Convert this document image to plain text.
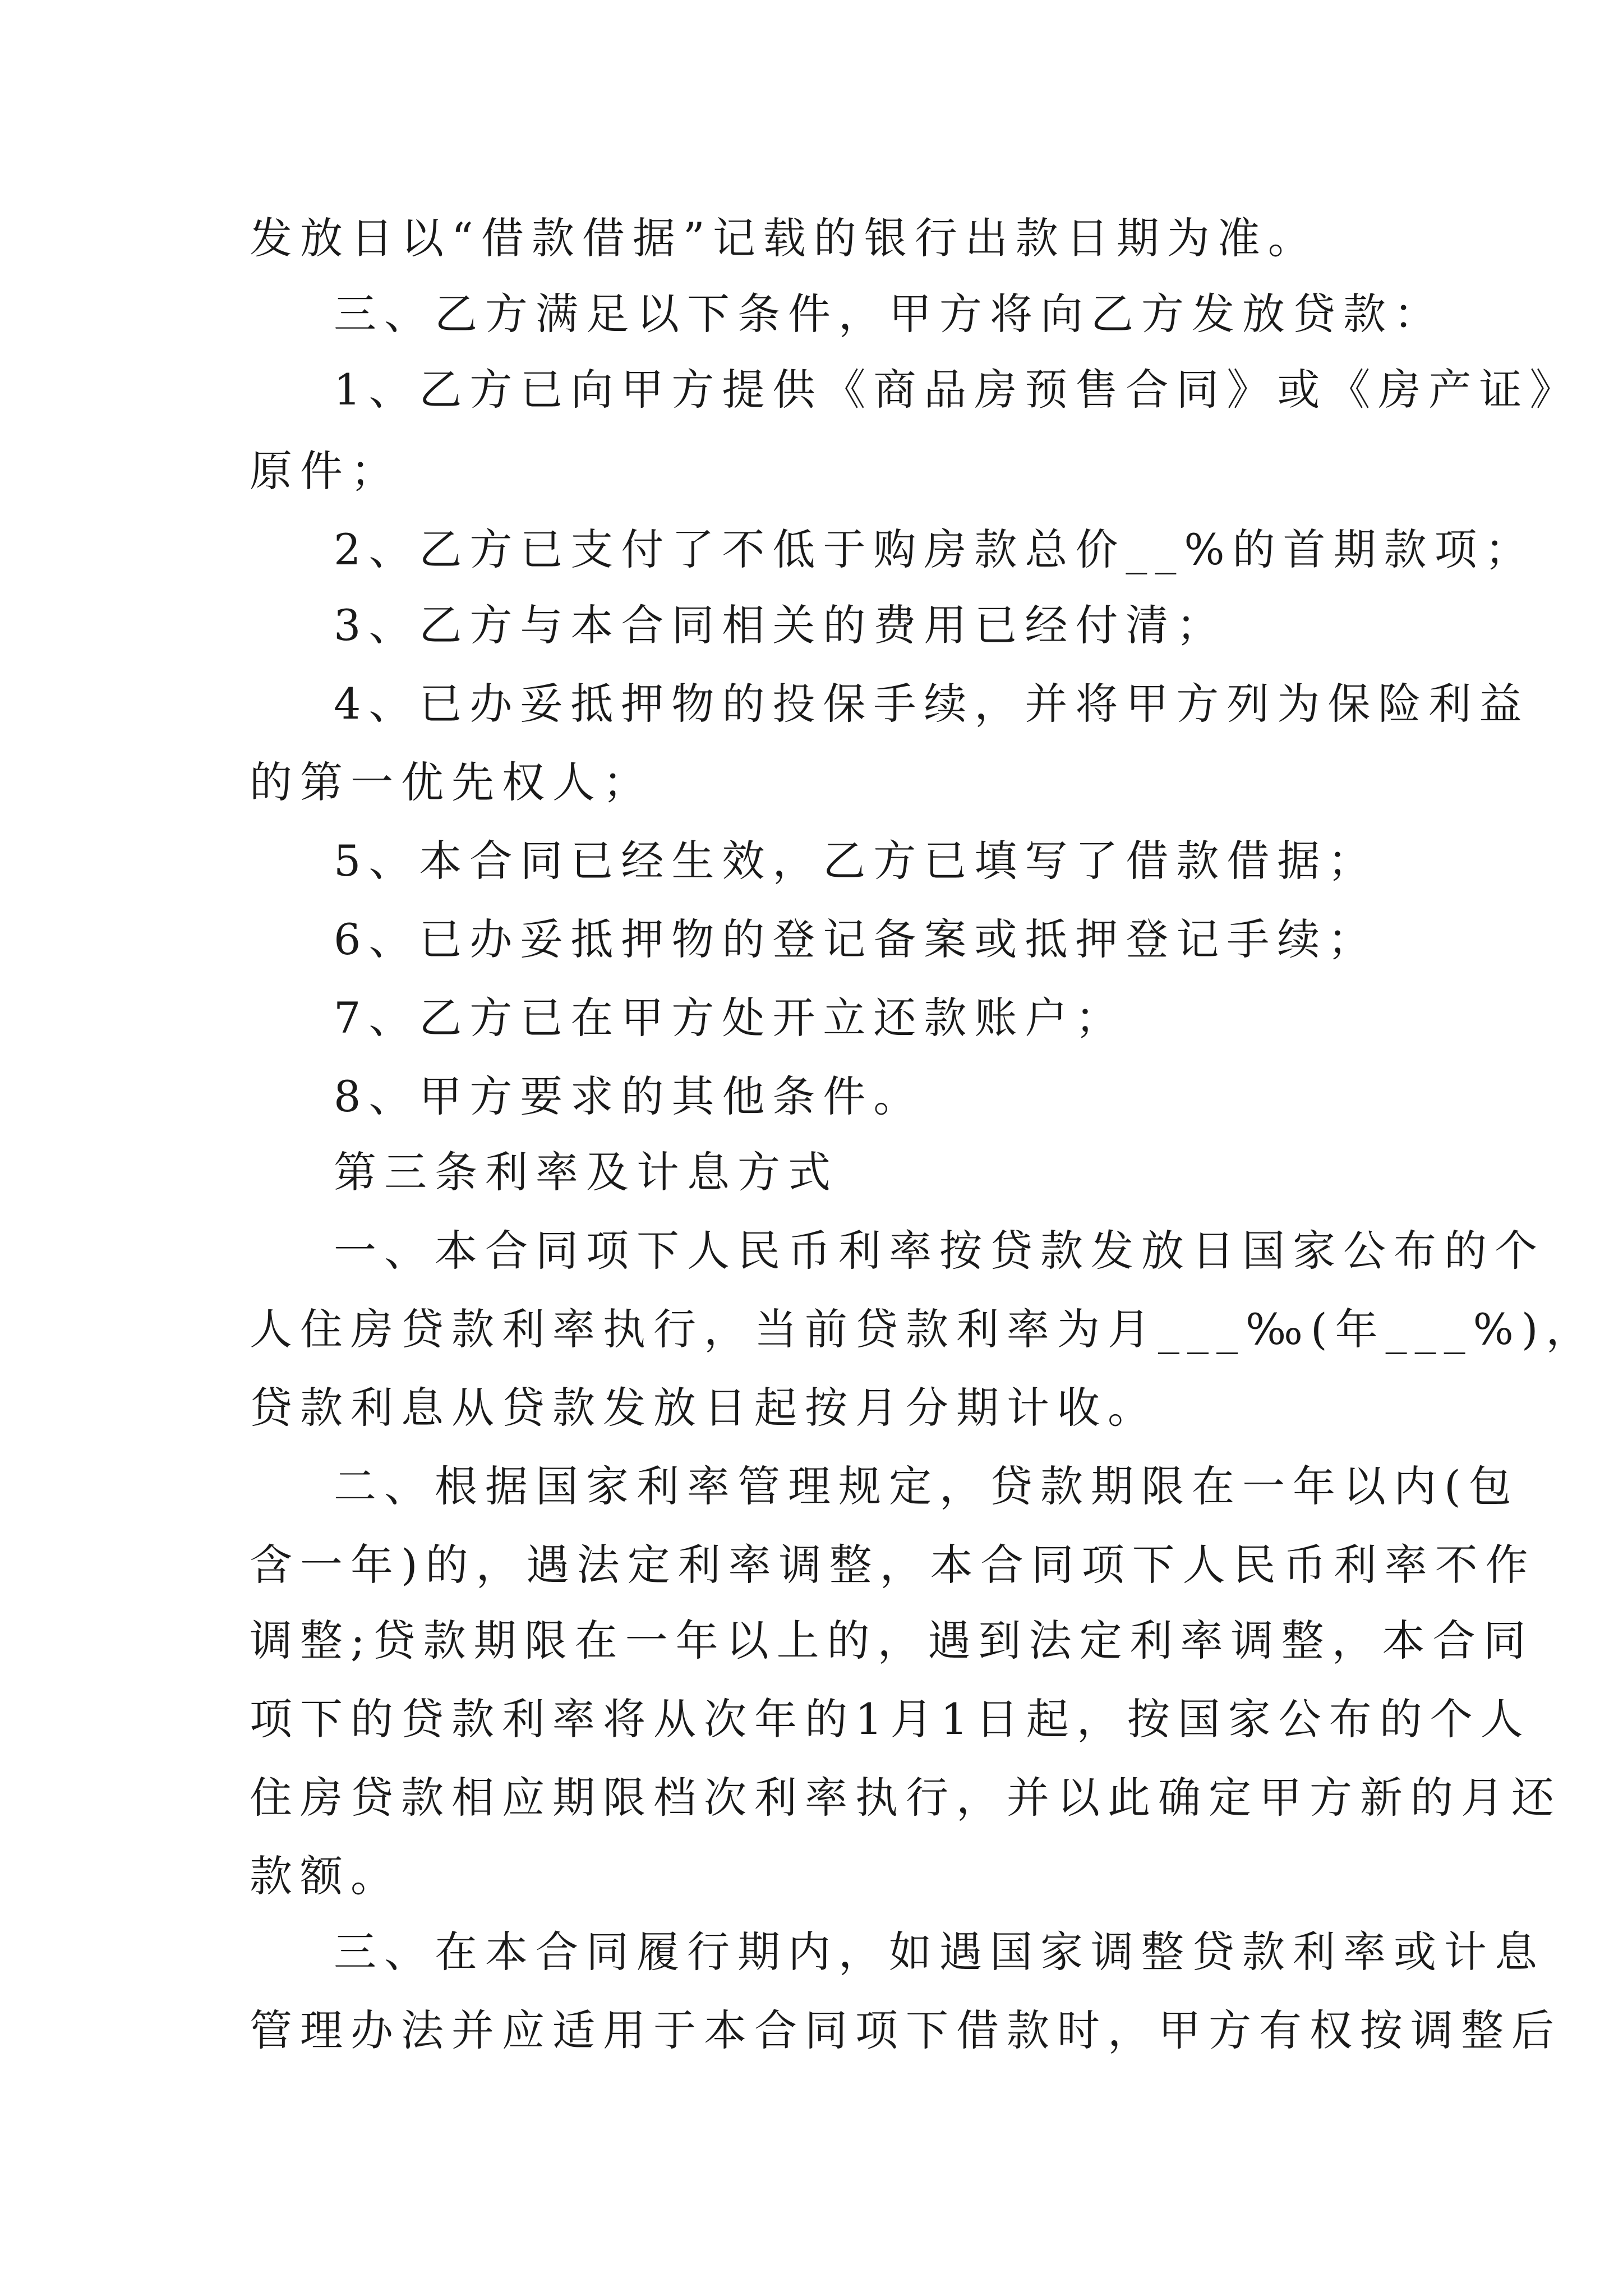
发放日以“借款借据”记载的银行出款日期为准。
三、乙方满足以下条件，甲方将向乙方发放贷款：
1、乙方已向甲方提供《商品房预售合同》或《房产证》
原件；
2、乙方已支付了不低于购房款总价__%的首期款项；
3、乙方与本合同相关的费用已经付清；
4、已办妥抵押物的投保手续，并将甲方列为保险利益
的第一优先权人；
5、本合同已经生效，乙方已填写了借款借据；
6、已办妥抵押物的登记备案或抵押登记手续；
7、乙方已在甲方处开立还款账户；
8、甲方要求的其他条件。
第三条利率及计息方式
一、本合同项下人民币利率按贷款发放日国家公布的个
人住房贷款利率执行，当前贷款利率为月___‰(年___%)，
贷款利息从贷款发放日起按月分期计收。
二、根据国家利率管理规定，贷款期限在一年以内(包
含一年)的，遇法定利率调整，本合同项下人民币利率不作
调整;贷款期限在一年以上的，遇到法定利率调整，本合同
项下的贷款利率将从次年的1月1日起，按国家公布的个人
住房贷款相应期限档次利率执行，并以此确定甲方新的月还
款额。
三、在本合同履行期内，如遇国家调整贷款利率或计息
管理办法并应适用于本合同项下借款时，甲方有权按调整后
